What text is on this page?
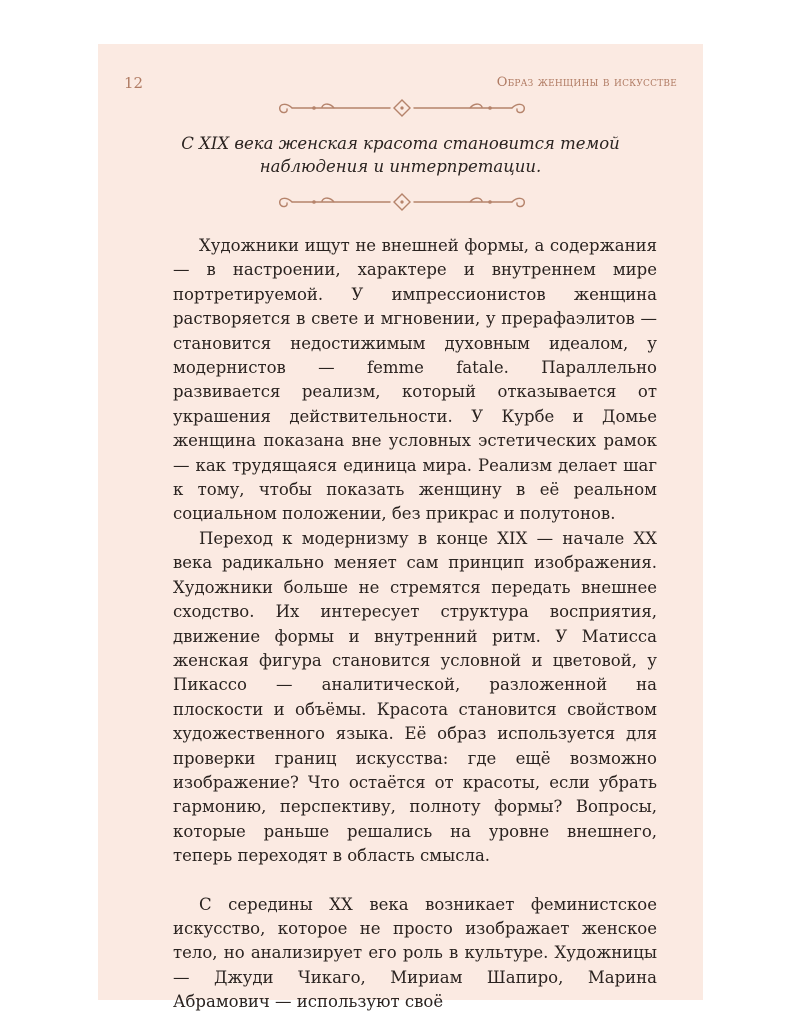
12	Образ женщины в искусстве
С XIX века женская красота становится темой
наблюдения и интерпретации.

Художники ищут не внешней формы, а содержания — в настроении, характере и внутреннем мире портретируемой. У импрессионистов женщина растворяется в свете и мгновении, у прерафаэлитов — становится недостижимым духовным идеалом, у модернистов — femme fatale. Параллельно развивается реализм, который отказывается от украшения действительности. У Курбе и Домье женщина показана вне условных эстетических рамок — как трудящаяся единица мира. Реализм делает шаг к тому, чтобы показать женщину в её реальном социальном положении, без прикрас и полутонов.

Переход к модернизму в конце XIX — начале XX века радикально меняет сам принцип изображения. Художники больше не стремятся передать внешнее сходство. Их интересует структура восприятия, движение формы и внутренний ритм. У Матисса женская фигура становится условной и цветовой, у Пикассо — аналитической, разложенной на плоскости и объёмы. Красота становится свойством художественного языка. Её образ используется для проверки границ искусства: где ещё возможно изображение? Что остаётся от красоты, если убрать гармонию, перспективу, полноту формы? Вопросы, которые раньше решались на уровне внешнего, теперь переходят в область смысла.

С середины XX века возникает феминистское искусство, которое не просто изображает женское тело, но анализирует его роль в культуре. Художницы — Джуди Чикаго, Мириам Шапиро, Марина Абрамович — используют своё
